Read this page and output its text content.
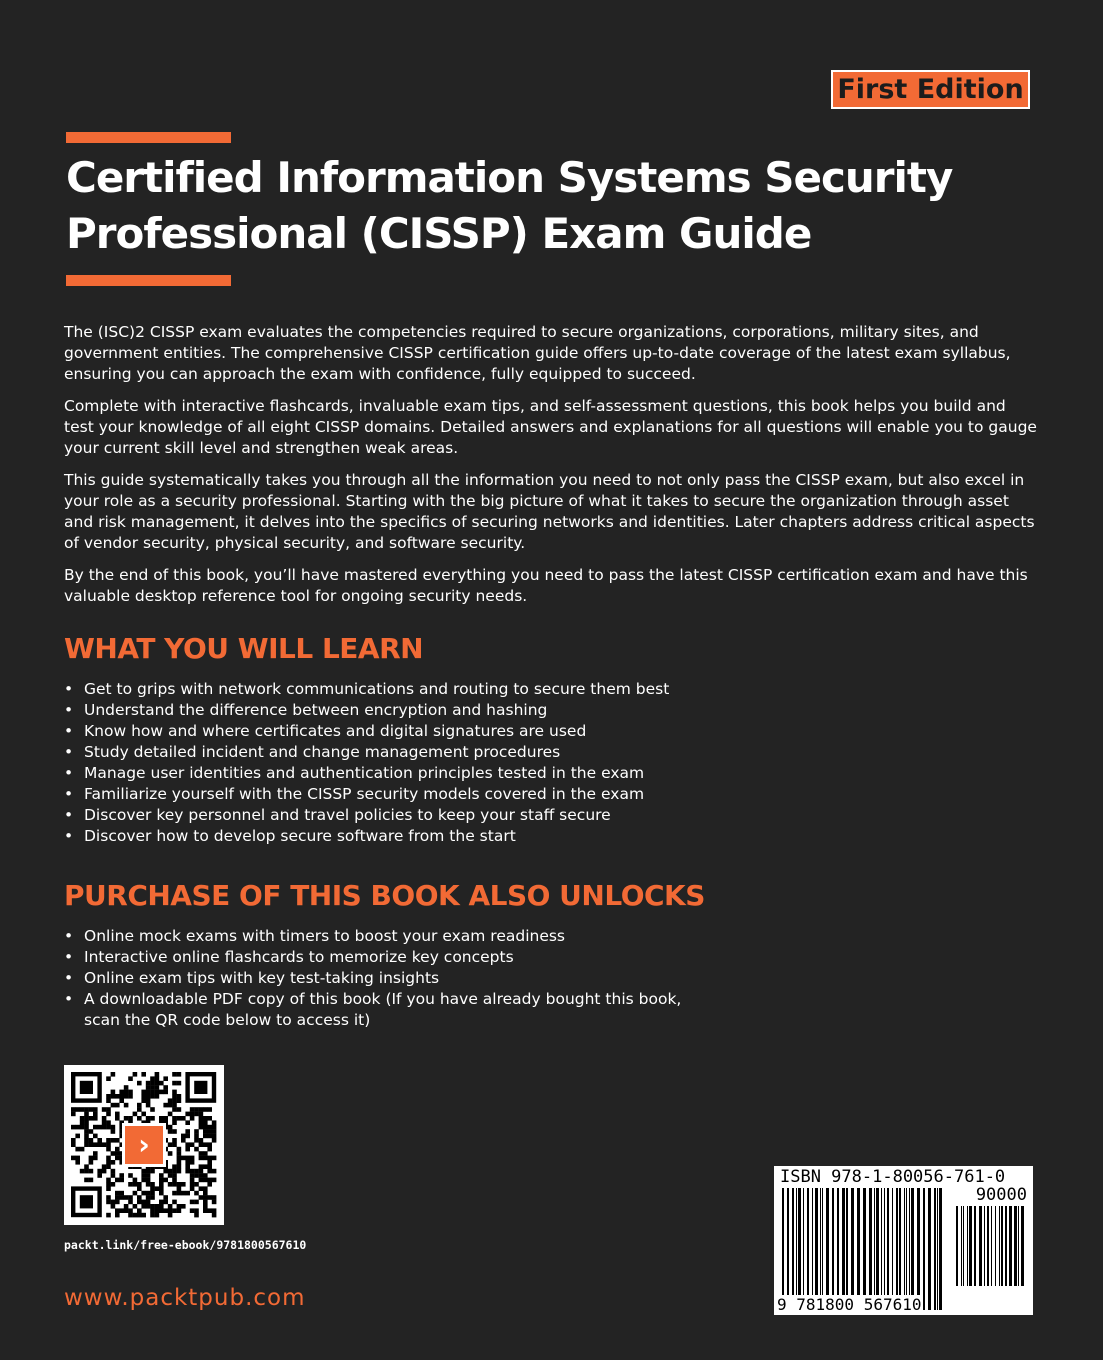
First Edition
Certified Information Systems Security
Professional (CISSP) Exam Guide

The (ISC)2 CISSP exam evaluates the competencies required to secure organizations, corporations, military sites, and government entities. The comprehensive CISSP certification guide offers up-to-date coverage of the latest exam syllabus, ensuring you can approach the exam with confidence, fully equipped to succeed.

Complete with interactive flashcards, invaluable exam tips, and self-assessment questions, this book helps you build and test your knowledge of all eight CISSP domains. Detailed answers and explanations for all questions will enable you to gauge your current skill level and strengthen weak areas.

This guide systematically takes you through all the information you need to not only pass the CISSP exam, but also excel in your role as a security professional. Starting with the big picture of what it takes to secure the organization through asset and risk management, it delves into the specifics of securing networks and identities. Later chapters address critical aspects of vendor security, physical security, and software security.

By the end of this book, you’ll have mastered everything you need to pass the latest CISSP certification exam and have this valuable desktop reference tool for ongoing security needs.

WHAT YOU WILL LEARN
• Get to grips with network communications and routing to secure them best
• Understand the difference between encryption and hashing
• Know how and where certificates and digital signatures are used
• Study detailed incident and change management procedures
• Manage user identities and authentication principles tested in the exam
• Familiarize yourself with the CISSP security models covered in the exam
• Discover key personnel and travel policies to keep your staff secure
• Discover how to develop secure software from the start
PURCHASE OF THIS BOOK ALSO UNLOCKS
• Online mock exams with timers to boost your exam readiness
• Interactive online flashcards to memorize key concepts
• Online exam tips with key test-taking insights
• A downloadable PDF copy of this book (If you have already bought this book, scan the QR code below to access it)
›
packt.link/free-ebook/9781800567610
www.packtpub.com
ISBN 978-1-80056-761-0
90000
9 781800 567610
